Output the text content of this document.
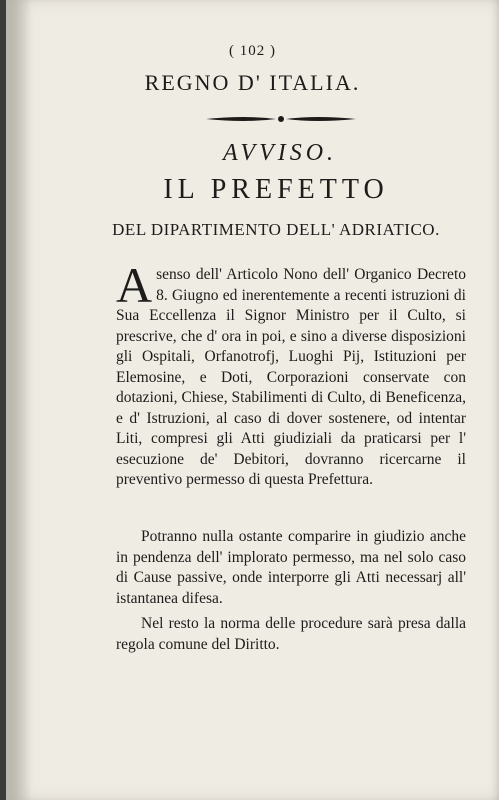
( 102 )
REGNO D' ITALIA.
AVVISO.
IL PREFETTO
DEL DIPARTIMENTO DELL' ADRIATICO.
Asenso dell' Articolo Nono dell' Organico Decreto 8. Giugno ed inerentemente a recenti istruzioni di Sua Eccellenza il Signor Ministro per il Culto, si prescrive, che d' ora in poi, e sino a diverse disposizioni gli Ospitali, Orfanotrofj, Luoghi Pij, Istituzioni per Elemosine, e Doti, Corporazioni conservate con dotazioni, Chiese, Stabilimenti di Culto, di Beneficenza, e d' Istruzioni, al caso di dover sostenere, od intentar Liti, compresi gli Atti giudiziali da praticarsi per l' esecuzione de' Debitori, dovranno ricercarne il preventivo permesso di questa Prefettura.
Potranno nulla ostante comparire in giudizio anche in pendenza dell' implorato permesso, ma nel solo caso di Cause passive, onde interporre gli Atti necessarj all' istantanea difesa.
Nel resto la norma delle procedure sarà presa dalla regola comune del Diritto.
